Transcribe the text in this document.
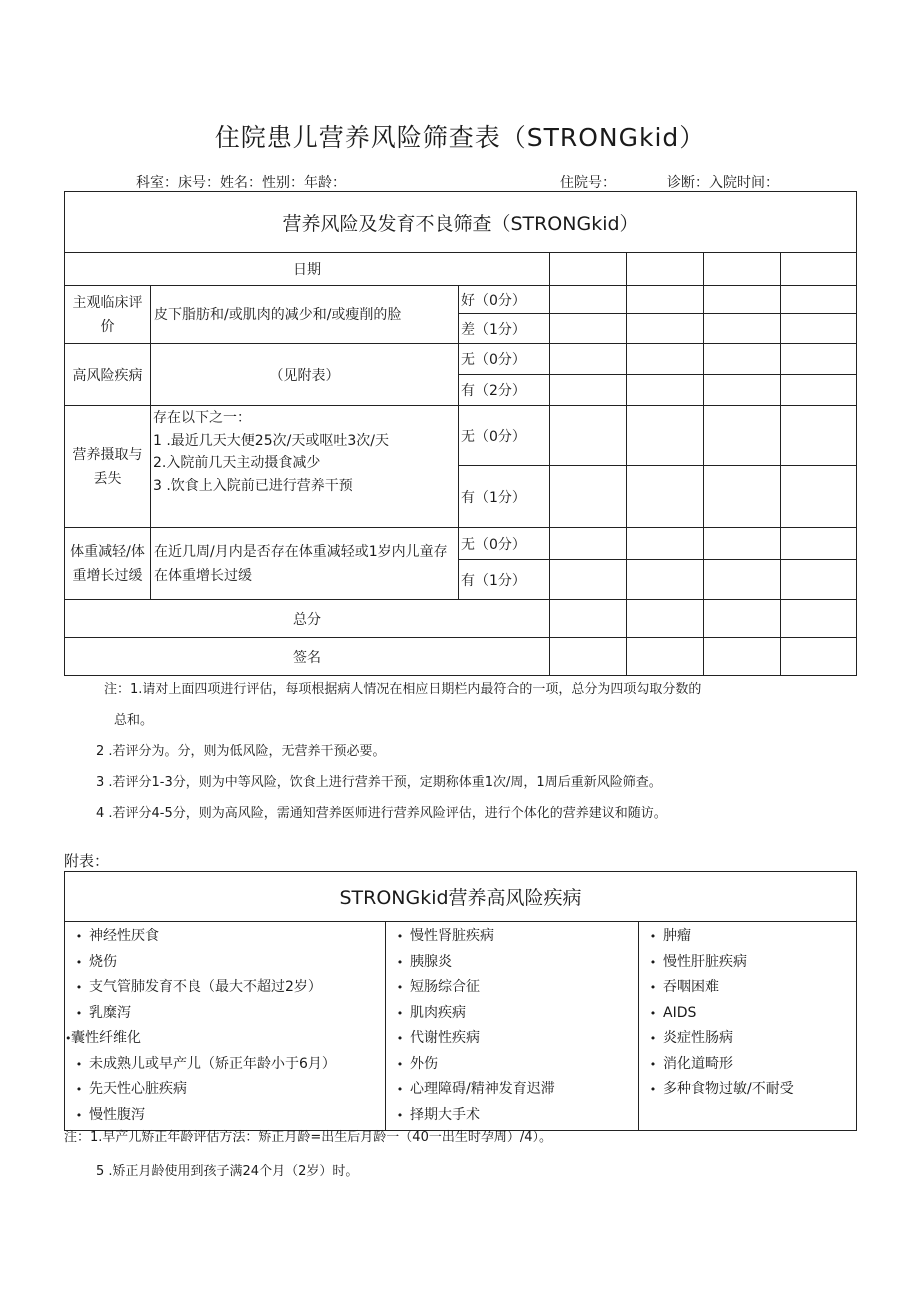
住院患儿营养风险筛查表（STRONGkid）
科室：床号：姓名：性别：年龄：	住院号：	诊断：入院时间：
营养风险及发育不良筛查（STRONGkid）						
日期						
主观临床评价	皮下脂肪和/或肌肉的减少和/或瘦削的脸	好（0分）				
		差（1分）				
高风险疾病	（见附表）	无（0分）				
		有（2分）				
营养摄取与丢失	存在以下之一：
1 .最近几天大便25次/天或呕吐3次/天
2.入院前几天主动摄食减少
3 .饮食上入院前已进行营养干预	无（0分）				
		有（1分）				
体重减轻/体重增长过缓	在近几周/月内是否存在体重减轻或1岁内儿童存在体重增长过缓	无（0分）				
		有（1分）				
总分						
签名						
注：1.请对上面四项进行评估，每项根据病人情况在相应日期栏内最符合的一项，总分为四项勾取分数的
总和。
2 .若评分为。分，则为低风险，无营养干预必要。
3 .若评分1-3分，则为中等风险，饮食上进行营养干预，定期称体重1次/周，1周后重新风险筛查。
4 .若评分4-5分，则为高风险，需通知营养医师进行营养风险评估，进行个体化的营养建议和随访。
附表：
STRONGkid营养高风险疾病

• 神经性厌食
• 烧伤
• 支气管肺发育不良（最大不超过2岁）
• 乳糜泻
•囊性纤维化
• 未成熟儿或早产儿（矫正年龄小于6月）
• 先天性心脏疾病
• 慢性腹泻

• 慢性肾脏疾病
• 胰腺炎
• 短肠综合征
• 肌肉疾病
• 代谢性疾病
• 外伤
• 心理障碍/精神发育迟滞
• 择期大手术

• 肿瘤
• 慢性肝脏疾病
• 吞咽困难
• AIDS
• 炎症性肠病
• 消化道畸形
• 多种食物过敏/不耐受
注：1.早产儿矫正年龄评估方法：矫正月龄=出生后月龄一（40一出生时孕周）/4）。
5 .矫正月龄使用到孩子满24个月（2岁）时。
